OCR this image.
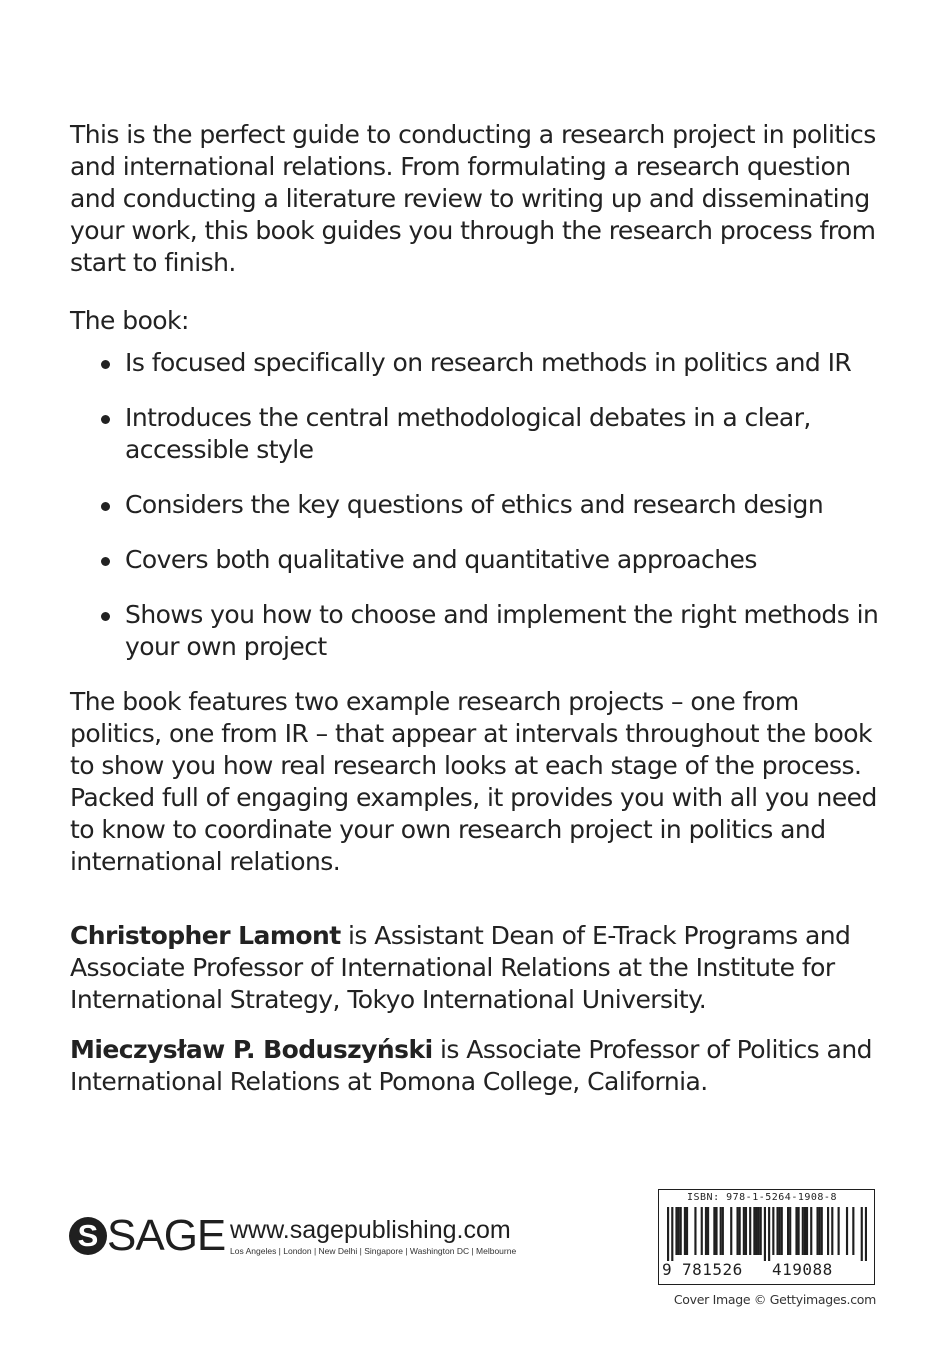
This is the perfect guide to conducting a research project in politics and international relations. From formulating a research question and conducting a literature review to writing up and disseminating your work, this book guides you through the research process from start to finish.

The book:

Is focused specifically on research methods in politics and IR
Introduces the central methodological debates in a clear, accessible style
Considers the key questions of ethics and research design
Covers both qualitative and quantitative approaches
Shows you how to choose and implement the right methods in your own project

The book features two example research projects – one from politics, one from IR – that appear at intervals throughout the book to show you how real research looks at each stage of the process. Packed full of engaging examples, it provides you with all you need to know to coordinate your own research project in politics and international relations.

Christopher Lamont is Assistant Dean of E-Track Programs and Associate Professor of International Relations at the Institute for International Strategy, Tokyo International University.

Mieczysław P. Boduszyński is Associate Professor of Politics and International Relations at Pomona College, California.

S SAGE www.sagepublishing.com
Los Angeles | London | New Delhi | Singapore | Washington DC | Melbourne
ISBN: 978-1-5264-1908-8
9 781526 419088
Cover Image © Gettyimages.com
